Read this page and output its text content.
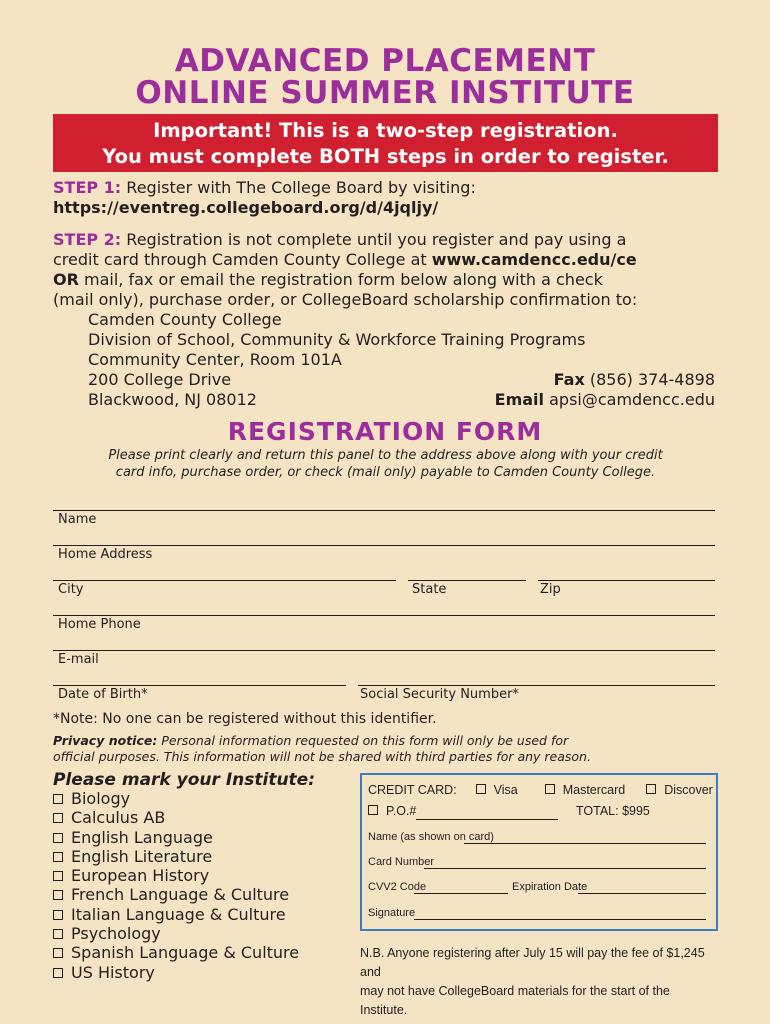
ADVANCED PLACEMENT
ONLINE SUMMER INSTITUTE
Important! This is a two-step registration.
You must complete BOTH steps in order to register.
STEP 1: Register with The College Board by visiting:
https://eventreg.collegeboard.org/d/4jqljy/
STEP 2: Registration is not complete until you register and pay using a
credit card through Camden County College at www.camdencc.edu/ce
OR mail, fax or email the registration form below along with a check
(mail only), purchase order, or CollegeBoard scholarship confirmation to:
Camden County College
Division of School, Community & Workforce Training Programs
Community Center, Room 101A
200 College Drive
Blackwood, NJ 08012
Fax (856) 374-4898
Email apsi@camdencc.edu
REGISTRATION FORM
Please print clearly and return this panel to the address above along with your credit
card info, purchase order, or check (mail only) payable to Camden County College.
Name
Home Address
City	State	Zip
Home Phone
E-mail
Date of Birth*	Social Security Number*
*Note: No one can be registered without this identifier.
Privacy notice: Personal information requested on this form will only be used for
official purposes. This information will not be shared with third parties for any reason.
Please mark your Institute:
Biology
Calculus AB
English Language
English Literature
European History
French Language & Culture
Italian Language & Culture
Psychology
Spanish Language & Culture
US History
CREDIT CARD:	Visa	Mastercard	Discover
P.O.#	TOTAL: $995
Name (as shown on card)
Card Number
CVV2 Code	Expiration Date
Signature
N.B. Anyone registering after July 15 will pay the fee of $1,245 and
may not have CollegeBoard materials for the start of the Institute.
